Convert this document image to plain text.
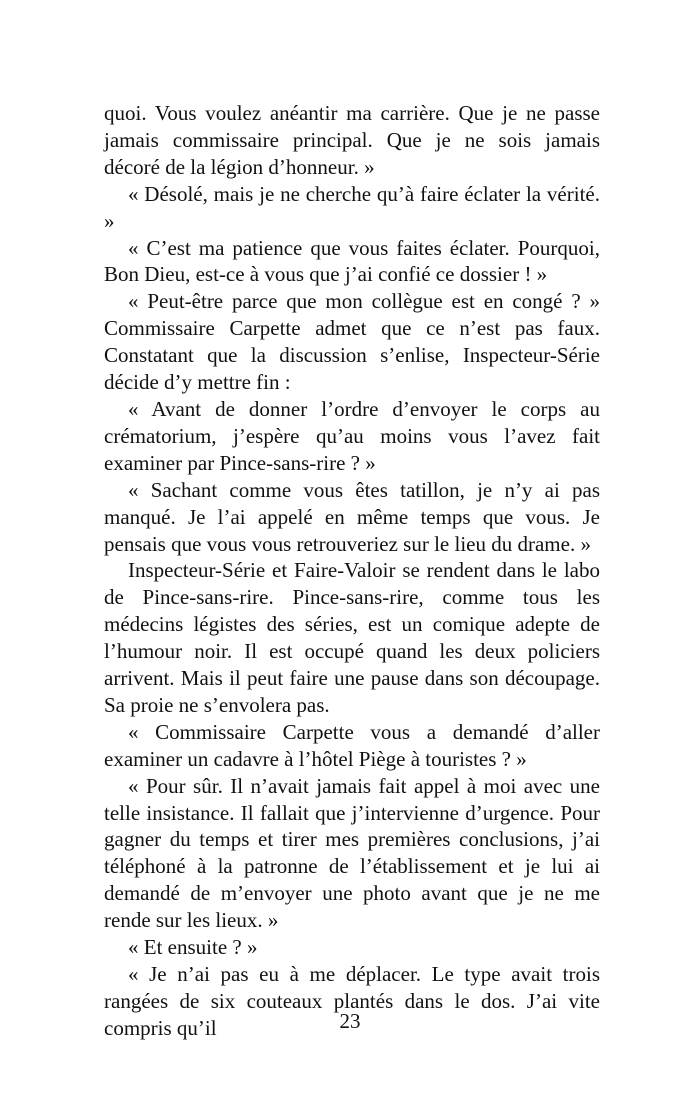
quoi. Vous voulez anéantir ma carrière. Que je ne passe jamais commissaire principal. Que je ne sois jamais décoré de la légion d’honneur. »

« Désolé, mais je ne cherche qu’à faire éclater la vérité. »

« C’est ma patience que vous faites éclater. Pourquoi, Bon Dieu, est-ce à vous que j’ai confié ce dossier ! »

« Peut-être parce que mon collègue est en congé ? » Commissaire Carpette admet que ce n’est pas faux. Constatant que la discussion s’enlise, Inspecteur-Série décide d’y mettre fin :

« Avant de donner l’ordre d’envoyer le corps au crématorium, j’espère qu’au moins vous l’avez fait examiner par Pince-sans-rire ? »

« Sachant comme vous êtes tatillon, je n’y ai pas manqué. Je l’ai appelé en même temps que vous. Je pensais que vous vous retrouveriez sur le lieu du drame. »

Inspecteur-Série et Faire-Valoir se rendent dans le labo de Pince-sans-rire. Pince-sans-rire, comme tous les médecins légistes des séries, est un comique adepte de l’humour noir. Il est occupé quand les deux policiers arrivent. Mais il peut faire une pause dans son découpage. Sa proie ne s’envolera pas.

« Commissaire Carpette vous a demandé d’aller examiner un cadavre à l’hôtel Piège à touristes ? »

« Pour sûr. Il n’avait jamais fait appel à moi avec une telle insistance. Il fallait que j’intervienne d’urgence. Pour gagner du temps et tirer mes premières conclusions, j’ai téléphoné à la patronne de l’établissement et je lui ai demandé de m’envoyer une photo avant que je ne me rende sur les lieux. »

« Et ensuite ? »

« Je n’ai pas eu à me déplacer. Le type avait trois rangées de six couteaux plantés dans le dos. J’ai vite compris qu’il	23
